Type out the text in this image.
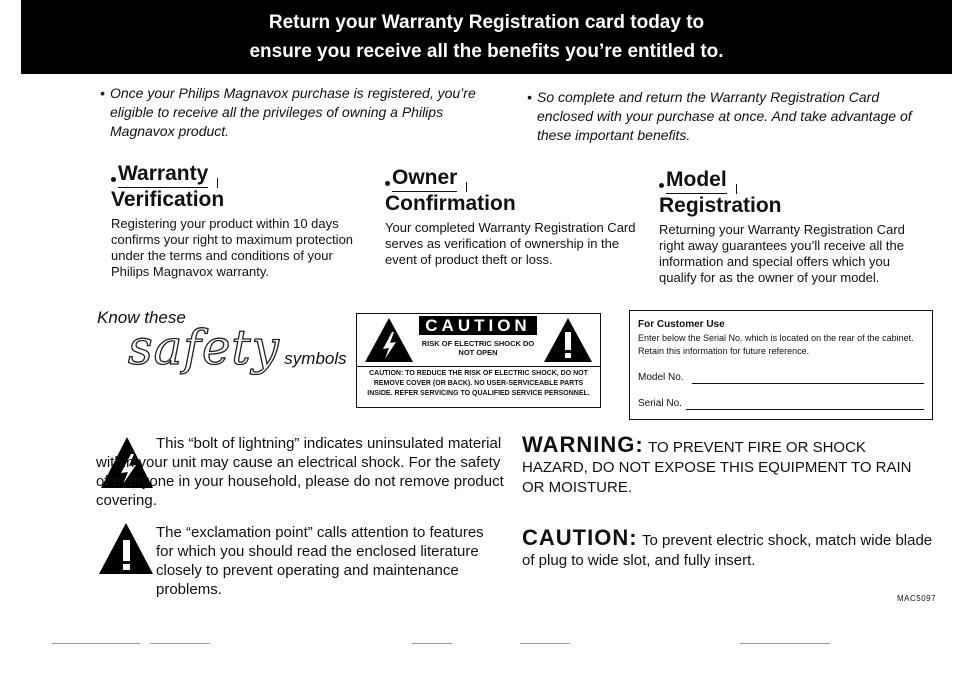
Return your Warranty Registration card today to
ensure you receive all the benefits you’re entitled to.
• Once your Philips Magnavox purchase is registered, you’re eligible to receive all the privileges of owning a Philips Magnavox product.
• So complete and return the Warranty Registration Card enclosed with your purchase at once. And take advantage of these important benefits.
Warranty
Verification
Registering your product within 10 days confirms your right to maximum protection under the terms and conditions of your Philips Magnavox warranty.
Owner
Confirmation
Your completed Warranty Registration Card serves as verification of ownership in the event of product theft or loss.
Model
Registration
Returning your Warranty Registration Card right away guarantees you’ll receive all the information and special offers which you qualify for as the owner of your model.
Know these
safety symbols
CAUTION
RISK OF ELECTRIC SHOCK DO NOT OPEN
CAUTION: TO REDUCE THE RISK OF ELECTRIC SHOCK, DO NOT REMOVE COVER (OR BACK). NO USER-SERVICEABLE PARTS INSIDE. REFER SERVICING TO QUALIFIED SERVICE PERSONNEL.
For Customer Use
Enter below the Serial No. which is located on the rear of the cabinet. Retain this information for future reference.
Model No.
Serial No.
This “bolt of lightning” indicates uninsulated material within your unit may cause an electrical shock. For the safety of everyone in your household, please do not remove product covering.
The “exclamation point” calls attention to features for which you should read the enclosed literature closely to prevent operating and maintenance problems.
WARNING: TO PREVENT FIRE OR SHOCK HAZARD, DO NOT EXPOSE THIS EQUIPMENT TO RAIN OR MOISTURE.
CAUTION: To prevent electric shock, match wide blade of plug to wide slot, and fully insert.
MAC5097
